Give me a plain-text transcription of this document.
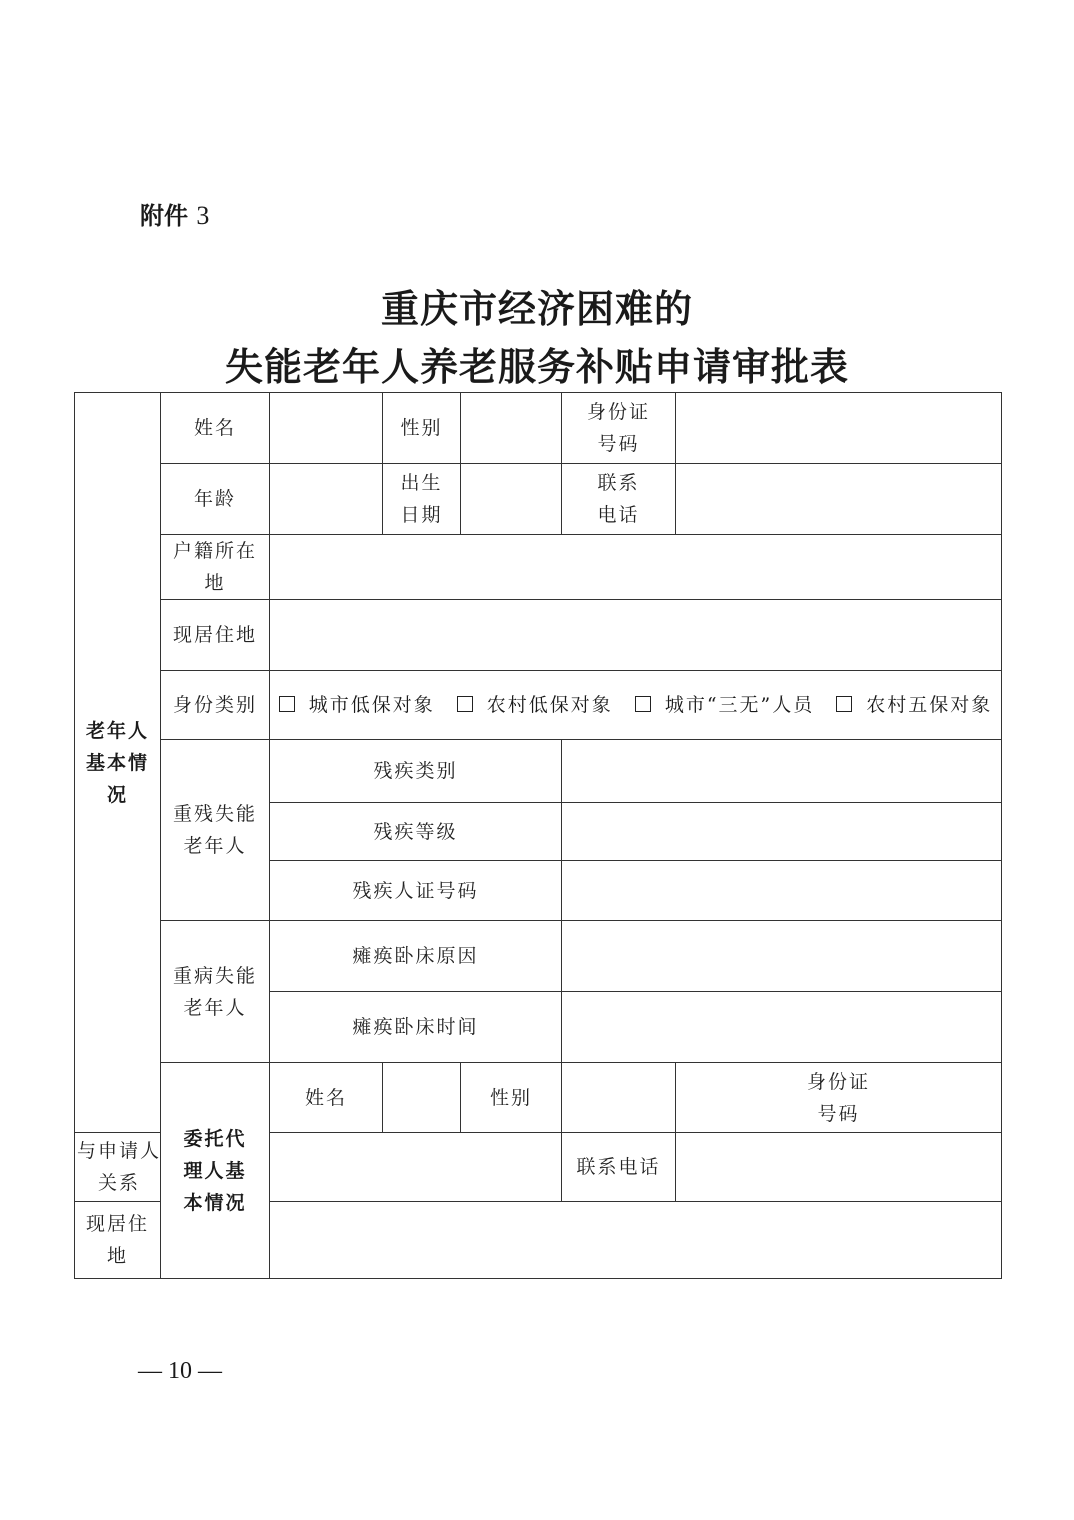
附件 3
重庆市经济困难的
失能老年人养老服务补贴申请审批表
老年人基本情况	姓名		性别		身份证号码		

	年龄		出生日期		联系电话		

	户籍所在地						

	现居住地						
	身份类别	城市低保对象 农村低保对象 城市“三无”人员 农村五保对象					

	重残失能老年人	残疾类别					
		残疾等级					
		残疾人证号码					

	重病失能老年人	瘫痪卧床原因					
		瘫痪卧床时间					

	委托代理人基本情况	姓名		性别		身份证号码	

与申请人关系					联系电话		
现居住地							
— 10 —
